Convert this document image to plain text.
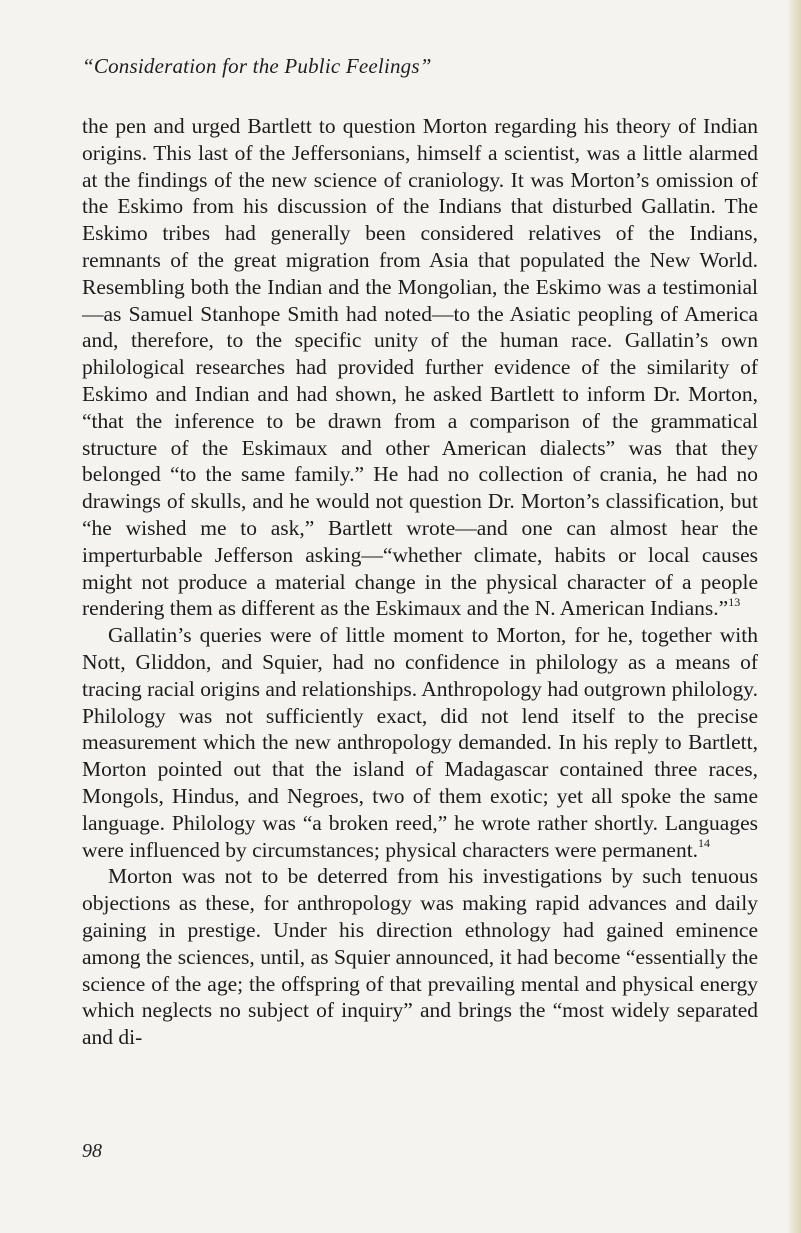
“Consideration for the Public Feelings”

the pen and urged Bartlett to question Morton regarding his theory of Indian origins. This last of the Jeffersonians, himself a scientist, was a little alarmed at the findings of the new science of craniology. It was Morton’s omission of the Eskimo from his discussion of the Indians that disturbed Gallatin. The Eskimo tribes had generally been considered relatives of the Indians, remnants of the great migration from Asia that populated the New World. Resembling both the Indian and the Mongolian, the Eskimo was a testimonial—as Samuel Stanhope Smith had noted—to the Asiatic peopling of America and, therefore, to the specific unity of the human race. Gallatin’s own philological researches had provided further evidence of the similarity of Eskimo and Indian and had shown, he asked Bartlett to inform Dr. Morton, “that the inference to be drawn from a comparison of the grammatical structure of the Eskimaux and other American dialects” was that they belonged “to the same family.” He had no collection of crania, he had no drawings of skulls, and he would not question Dr. Morton’s classification, but “he wished me to ask,” Bartlett wrote—and one can almost hear the imperturbable Jefferson asking—“whether climate, habits or local causes might not produce a material change in the physical character of a people rendering them as different as the Eskimaux and the N. American Indians.”$^{13}$

Gallatin’s queries were of little moment to Morton, for he, together with Nott, Gliddon, and Squier, had no confidence in philology as a means of tracing racial origins and relationships. Anthropology had outgrown philology. Philology was not sufficiently exact, did not lend itself to the precise measurement which the new anthropology demanded. In his reply to Bartlett, Morton pointed out that the island of Madagascar contained three races, Mongols, Hindus, and Negroes, two of them exotic; yet all spoke the same language. Philology was “a broken reed,” he wrote rather shortly. Languages were influenced by circumstances; physical characters were permanent.$^{14}$

Morton was not to be deterred from his investigations by such tenuous objections as these, for anthropology was making rapid advances and daily gaining in prestige. Under his direction ethnology had gained eminence among the sciences, until, as Squier announced, it had become “essentially the science of the age; the offspring of that prevailing mental and physical energy which neglects no subject of inquiry” and brings the “most widely separated and di-

98
